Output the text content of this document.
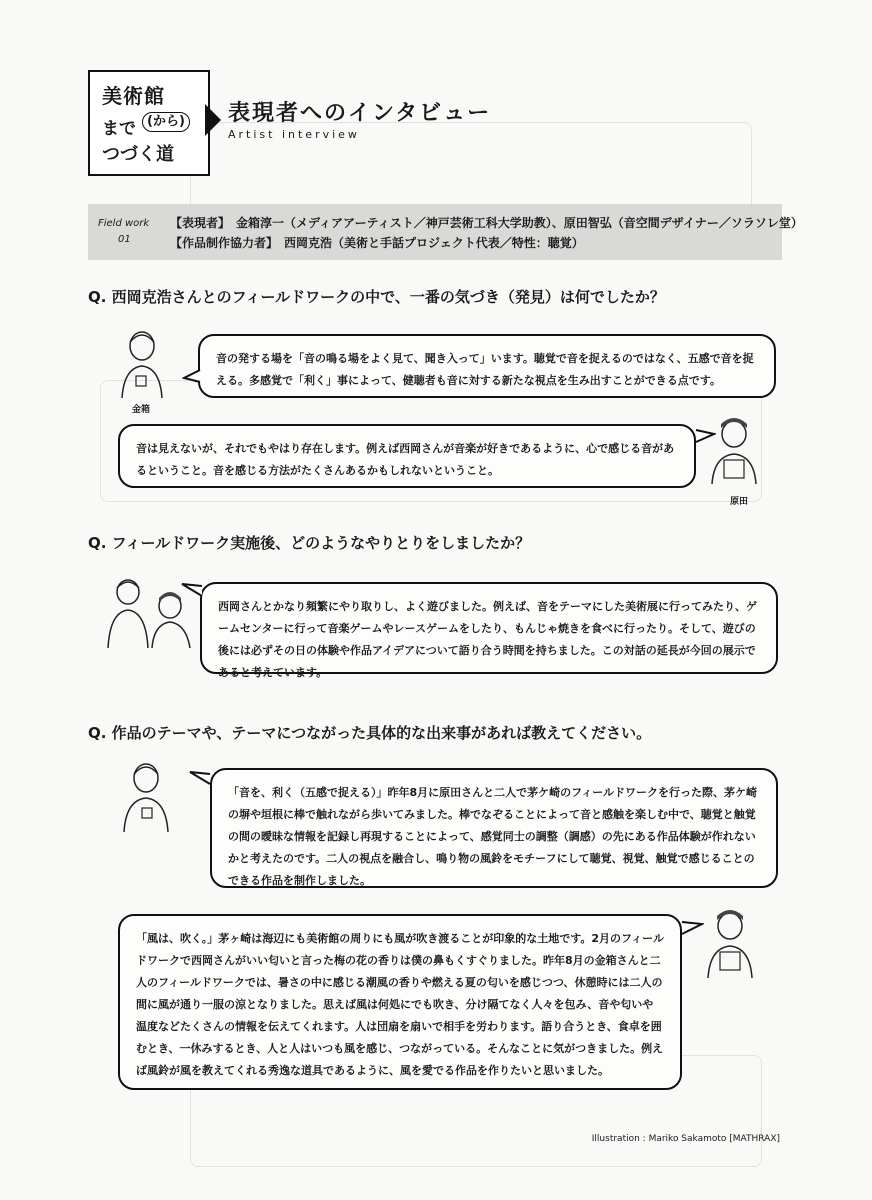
美術館
まで (から)
つづく道
表現者へのインタビュー
Artist interview
Field work
01
【表現者】　金箱淳一（メディアアーティスト／神戸芸術工科大学助教）、原田智弘（音空間デザイナー／ソラソレ堂）
【作品制作協力者】　西岡克浩（美術と手話プロジェクト代表／特性：聴覚）
Q. 西岡克浩さんとのフィールドワークの中で、一番の気づき（発見）は何でしたか？
金箱

音の発する場を「音の鳴る場をよく見て、聞き入って」います。聴覚で音を捉えるのではなく、五感で音を捉える。多感覚で「利く」事によって、健聴者も音に対する新たな視点を生み出すことができる点です。

音は見えないが、それでもやはり存在します。例えば西岡さんが音楽が好きであるように、心で感じる音があるということ。音を感じる方法がたくさんあるかもしれないということ。

原田
Q. フィールドワーク実施後、どのようなやりとりをしましたか？

西岡さんとかなり頻繁にやり取りし、よく遊びました。例えば、音をテーマにした美術展に行ってみたり、ゲームセンターに行って音楽ゲームやレースゲームをしたり、もんじゃ焼きを食べに行ったり。そして、遊びの後には必ずその日の体験や作品アイデアについて語り合う時間を持ちました。この対話の延長が今回の展示であると考えています。

Q. 作品のテーマや、テーマにつながった具体的な出来事があれば教えてください。

「音を、利く（五感で捉える）」昨年8月に原田さんと二人で茅ケ崎のフィールドワークを行った際、茅ケ崎の塀や垣根に棒で触れながら歩いてみました。棒でなぞることによって音と感触を楽しむ中で、聴覚と触覚の間の曖昧な情報を記録し再現することによって、感覚同士の調整（調感）の先にある作品体験が作れないかと考えたのです。二人の視点を融合し、鳴り物の風鈴をモチーフにして聴覚、視覚、触覚で感じることのできる作品を制作しました。

「風は、吹く。」茅ヶ崎は海辺にも美術館の周りにも風が吹き渡ることが印象的な土地です。2月のフィールドワークで西岡さんがいい匂いと言った梅の花の香りは僕の鼻もくすぐりました。昨年8月の金箱さんと二人のフィールドワークでは、暑さの中に感じる潮風の香りや燃える夏の匂いを感じつつ、休憩時には二人の間に風が通り一服の涼となりました。思えば風は何処にでも吹き、分け隔てなく人々を包み、音や匂いや温度などたくさんの情報を伝えてくれます。人は団扇を扇いで相手を労わります。語り合うとき、食卓を囲むとき、一休みするとき、人と人はいつも風を感じ、つながっている。そんなことに気がつきました。例えば風鈴が風を教えてくれる秀逸な道具であるように、風を愛でる作品を作りたいと思いました。

Illustration : Mariko Sakamoto [MATHRAX]
